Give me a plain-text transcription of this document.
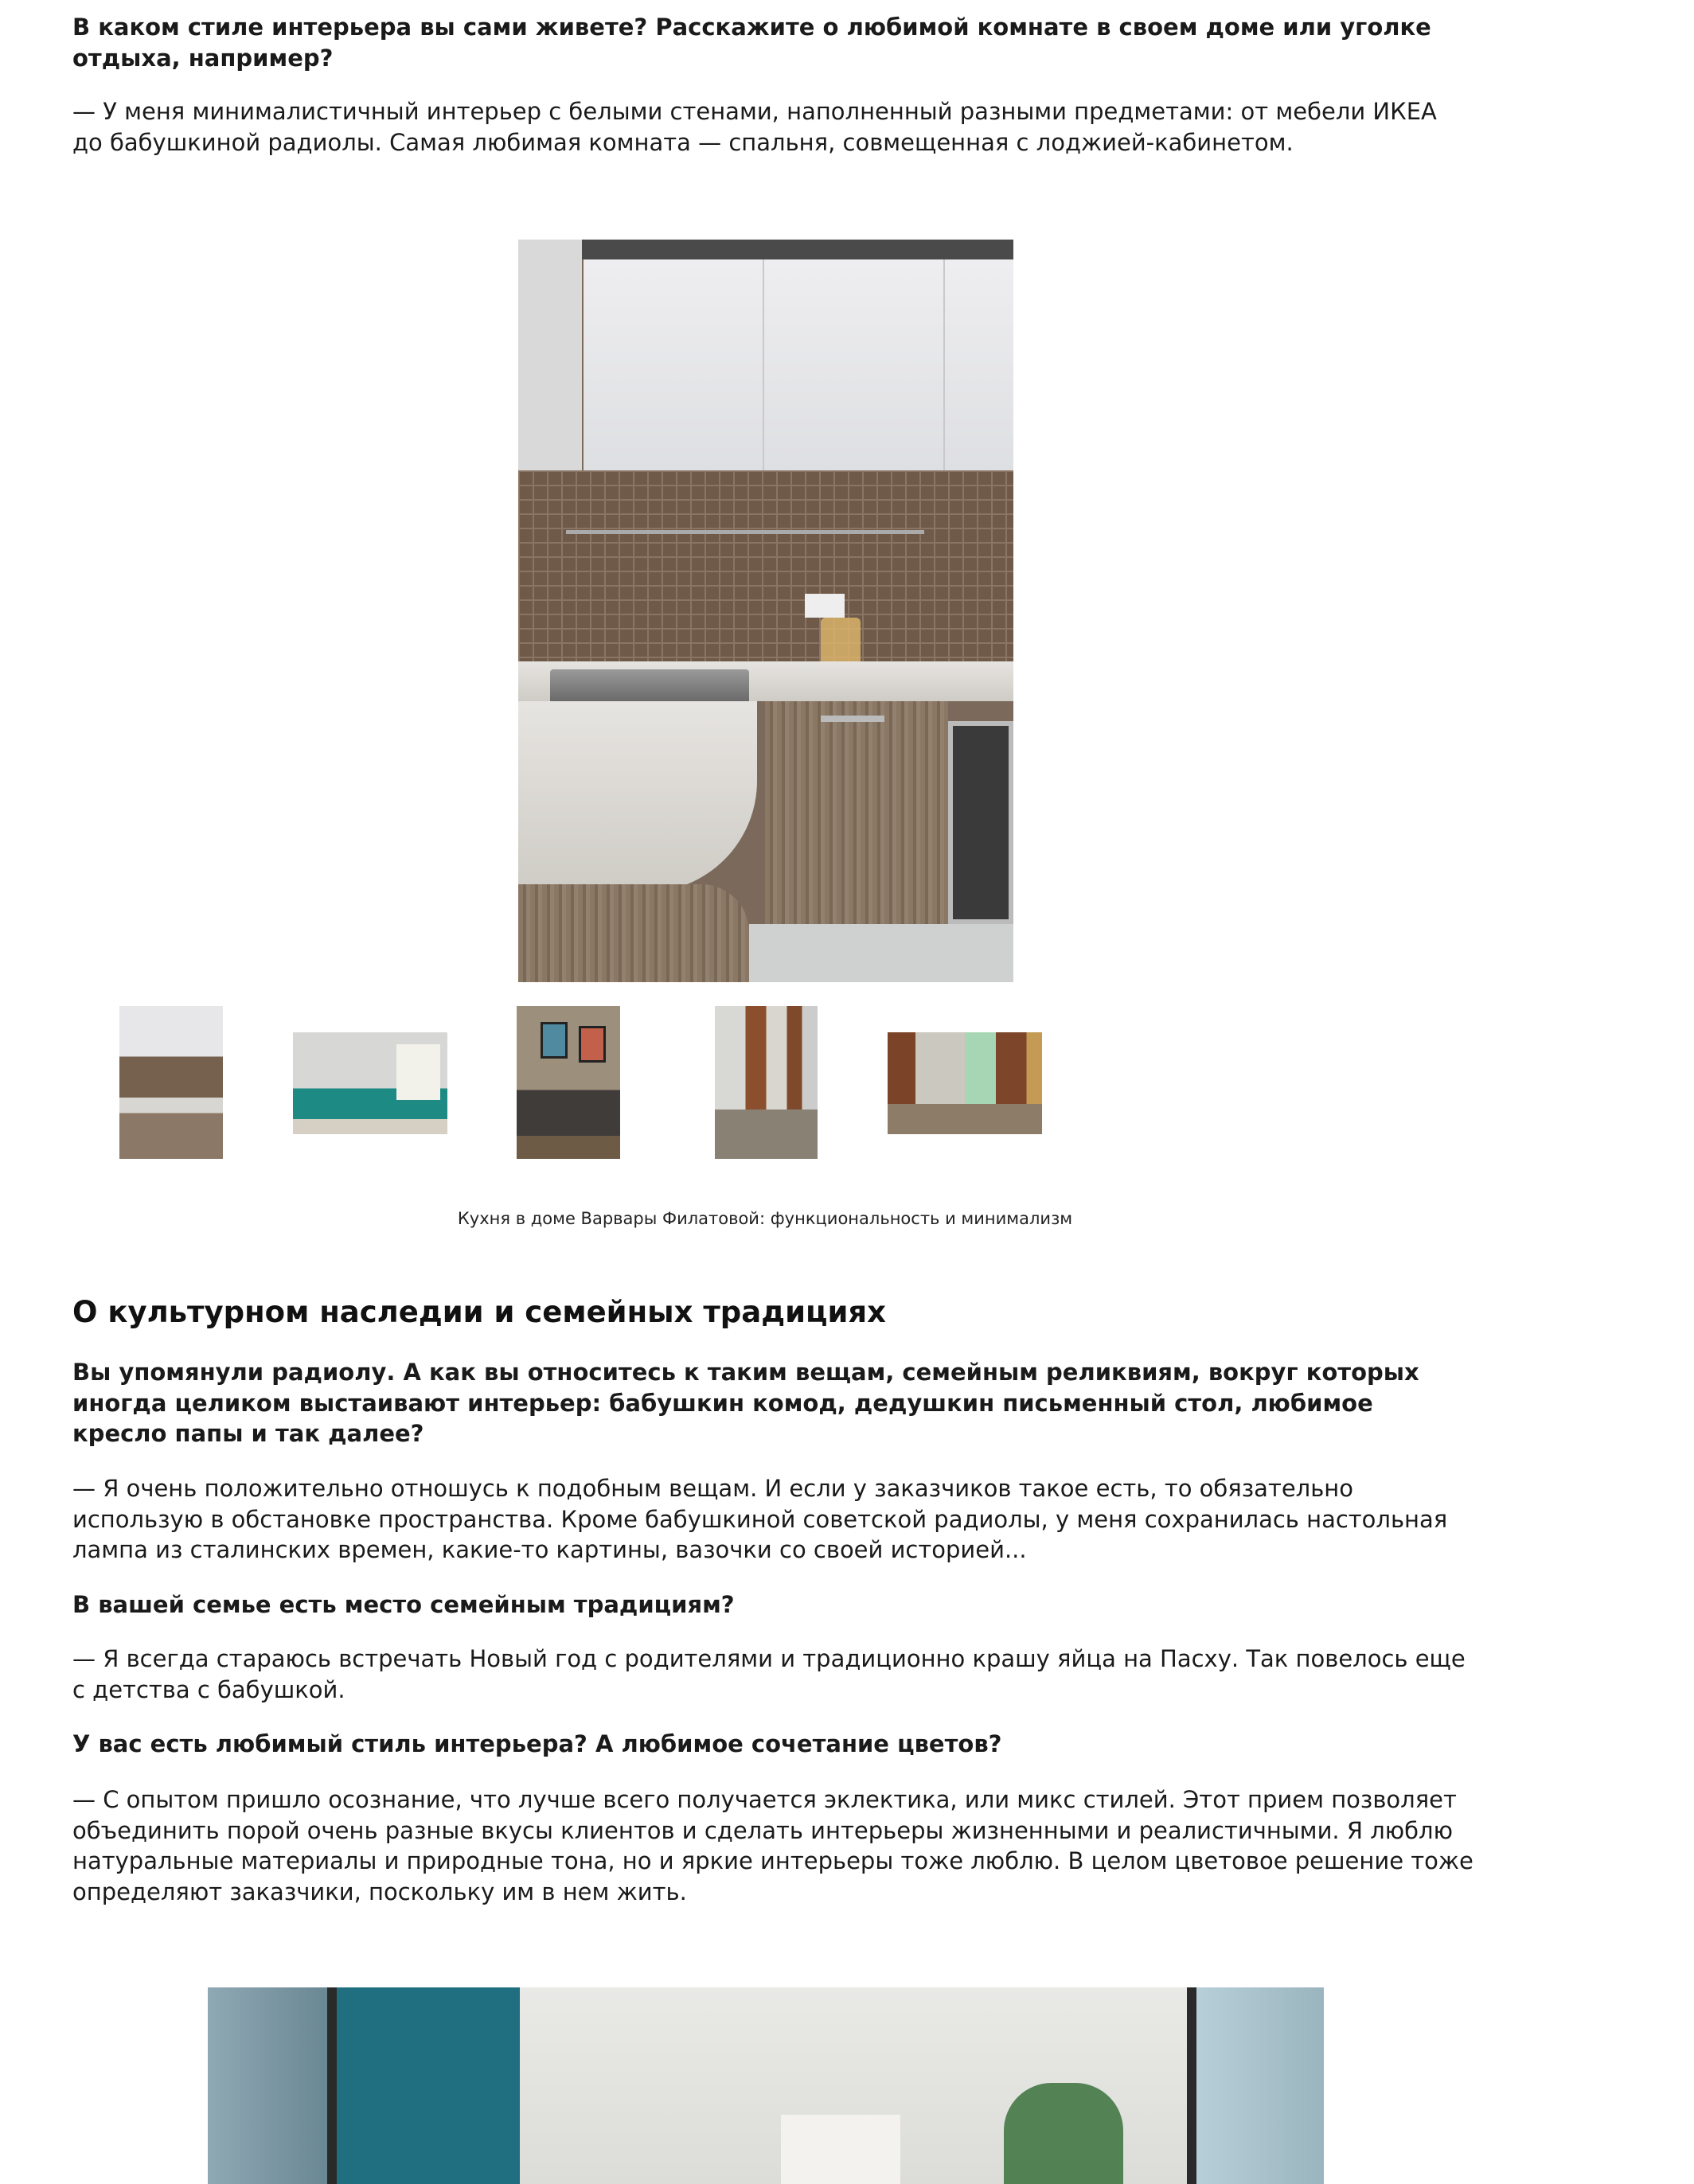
В каком стиле интерьера вы сами живете? Расскажите о любимой комнате в своем доме или уголке отдыха, например?

— У меня минималистичный интерьер с белыми стенами, наполненный разными предметами: от мебели ИКЕА до бабушкиной радиолы. Самая любимая комната — спальня, совмещенная с лоджией-кабинетом.

Кухня в доме Варвары Филатовой: функциональность и минимализм

О культурном наследии и семейных традициях

Вы упомянули радиолу. А как вы относитесь к таким вещам, семейным реликвиям, вокруг которых иногда целиком выстаивают интерьер: бабушкин комод, дедушкин письменный стол, любимое кресло папы и так далее?

— Я очень положительно отношусь к подобным вещам. И если у заказчиков такое есть, то обязательно использую в обстановке пространства. Кроме бабушкиной советской радиолы, у меня сохранилась настольная лампа из сталинских времен, какие-то картины, вазочки со своей историей...

В вашей семье есть место семейным традициям?

— Я всегда стараюсь встречать Новый год с родителями и традиционно крашу яйца на Пасху. Так повелось еще с детства с бабушкой.

У вас есть любимый стиль интерьера? А любимое сочетание цветов?

— С опытом пришло осознание, что лучше всего получается эклектика, или микс стилей. Этот прием позволяет объединить порой очень разные вкусы клиентов и сделать интерьеры жизненными и реалистичными. Я люблю натуральные материалы и природные тона, но и яркие интерьеры тоже люблю. В целом цветовое решение тоже определяют заказчики, поскольку им в нем жить.
